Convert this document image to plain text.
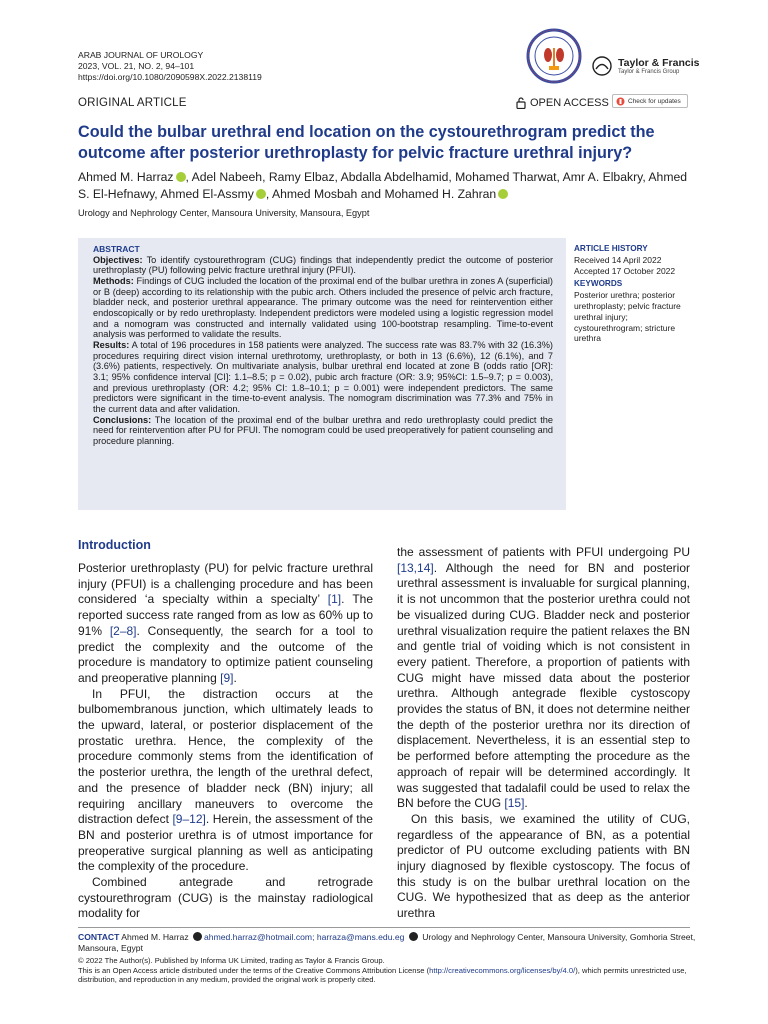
ARAB JOURNAL OF UROLOGY
2023, VOL. 21, NO. 2, 94–101
https://doi.org/10.1080/2090598X.2022.2138119
Taylor & Francis
Taylor & Francis Group
ORIGINAL ARTICLE	OPEN ACCESS	Check for updates
Could the bulbar urethral end location on the cystourethrogram predict the outcome after posterior urethroplasty for pelvic fracture urethral injury?
Ahmed M. Harraz , Adel Nabeeh, Ramy Elbaz, Abdalla Abdelhamid, Mohamed Tharwat, Amr A. Elbakry, Ahmed S. El-Hefnawy, Ahmed El-Assmy , Ahmed Mosbah and Mohamed H. Zahran
Urology and Nephrology Center, Mansoura University, Mansoura, Egypt
ABSTRACT

Objectives: To identify cystourethrogram (CUG) findings that independently predict the outcome of posterior urethroplasty (PU) following pelvic fracture urethral injury (PFUI).

Methods: Findings of CUG included the location of the proximal end of the bulbar urethra in zones A (superficial) or B (deep) according to its relationship with the pubic arch. Others included the presence of pelvic arch fracture, bladder neck, and posterior urethral appearance. The primary outcome was the need for reintervention either endoscopically or by redo urethroplasty. Independent predictors were modeled using a logistic regression model and a nomogram was constructed and internally validated using 100-bootstrap resampling. Time-to-event analysis was performed to validate the results.

Results: A total of 196 procedures in 158 patients were analyzed. The success rate was 83.7% with 32 (16.3%) procedures requiring direct vision internal urethrotomy, urethroplasty, or both in 13 (6.6%), 12 (6.1%), and 7 (3.6%) patients, respectively. On multivariate analysis, bulbar urethral end located at zone B (odds ratio [OR]: 3.1; 95% confidence interval [CI]: 1.1–8.5; p = 0.02), pubic arch fracture (OR: 3.9; 95%CI: 1.5–9.7; p = 0.003), and previous urethroplasty (OR: 4.2; 95% CI: 1.8–10.1; p = 0.001) were independent predictors. The same predictors were significant in the time-to-event analysis. The nomogram discrimination was 77.3% and 75% in the current data and after validation.

Conclusions: The location of the proximal end of the bulbar urethra and redo urethroplasty could predict the need for reintervention after PU for PFUI. The nomogram could be used preoperatively for patient counseling and procedure planning.

ARTICLE HISTORY
Received 14 April 2022
Accepted 17 October 2022
KEYWORDS
Posterior urethra; posterior urethroplasty; pelvic fracture urethral injury; cystourethrogram; stricture urethra
Introduction

Posterior urethroplasty (PU) for pelvic fracture urethral injury (PFUI) is a challenging procedure and has been considered ‘a specialty within a specialty’ [1]. The reported success rate ranged from as low as 60% up to 91% [2–8]. Consequently, the search for a tool to predict the complexity and the outcome of the procedure is mandatory to optimize patient counseling and preoperative planning [9].

In PFUI, the distraction occurs at the bulbomembranous junction, which ultimately leads to the upward, lateral, or posterior displacement of the prostatic urethra. Hence, the complexity of the procedure commonly stems from the identification of the posterior urethra, the length of the urethral defect, and the presence of bladder neck (BN) injury; all requiring ancillary maneuvers to overcome the distraction defect [9–12]. Herein, the assessment of the BN and posterior urethra is of utmost importance for preoperative surgical planning as well as anticipating the complexity of the procedure.

Combined antegrade and retrograde cystourethrogram (CUG) is the mainstay radiological modality for

the assessment of patients with PFUI undergoing PU [13,14]. Although the need for BN and posterior urethral assessment is invaluable for surgical planning, it is not uncommon that the posterior urethra could not be visualized during CUG. Bladder neck and posterior urethral visualization require the patient relaxes the BN and gentle trial of voiding which is not consistent in every patient. Therefore, a proportion of patients with CUG might have missed data about the posterior urethra. Although antegrade flexible cystoscopy provides the status of BN, it does not determine neither the depth of the posterior urethra nor its direction of displacement. Nevertheless, it is an essential step to be performed before attempting the procedure as the approach of repair will be determined accordingly. It was suggested that tadalafil could be used to relax the BN before the CUG [15].

On this basis, we examined the utility of CUG, regardless of the appearance of BN, as a potential predictor of PU outcome excluding patients with BN injury diagnosed by flexible cystoscopy. The focus of this study is on the bulbar urethral location on the CUG. We hypothesized that as deep as the anterior urethra

CONTACT Ahmed M. Harraz ahmed.harraz@hotmail.com; harraza@mans.edu.eg  Urology and Nephrology Center, Mansoura University, Gomhoria Street, Mansoura, Egypt
© 2022 The Author(s). Published by Informa UK Limited, trading as Taylor & Francis Group.
This is an Open Access article distributed under the terms of the Creative Commons Attribution License (http://creativecommons.org/licenses/by/4.0/), which permits unrestricted use, distribution, and reproduction in any medium, provided the original work is properly cited.
